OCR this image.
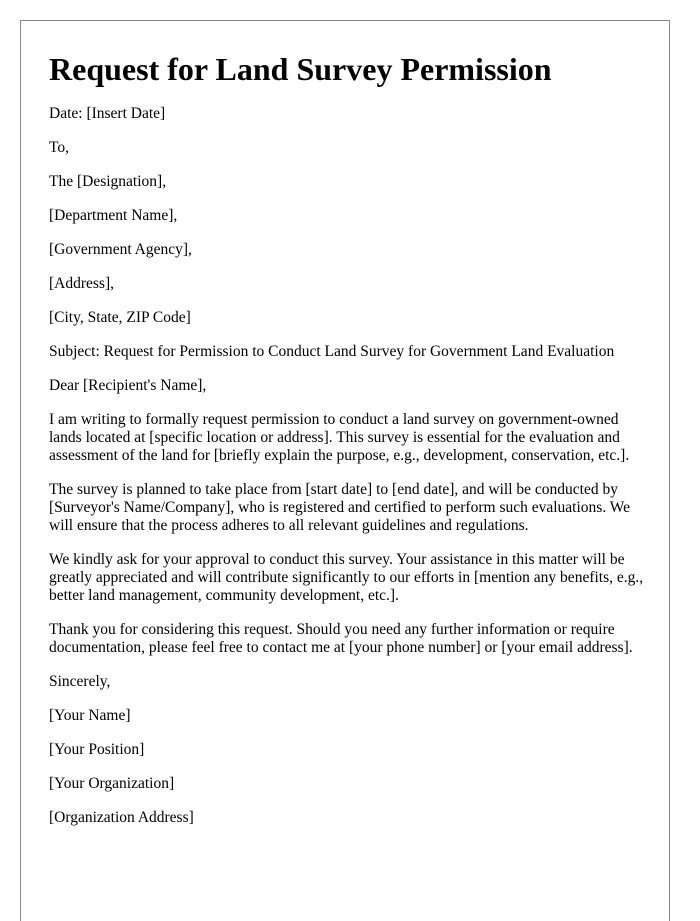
Request for Land Survey Permission

Date: [Insert Date]

To,

The [Designation],

[Department Name],

[Government Agency],

[Address],

[City, State, ZIP Code]

Subject: Request for Permission to Conduct Land Survey for Government Land Evaluation

Dear [Recipient's Name],

I am writing to formally request permission to conduct a land survey on government-owned lands located at [specific location or address]. This survey is essential for the evaluation and assessment of the land for [briefly explain the purpose, e.g., development, conservation, etc.].

The survey is planned to take place from [start date] to [end date], and will be conducted by [Surveyor's Name/Company], who is registered and certified to perform such evaluations. We will ensure that the process adheres to all relevant guidelines and regulations.

We kindly ask for your approval to conduct this survey. Your assistance in this matter will be greatly appreciated and will contribute significantly to our efforts in [mention any benefits, e.g., better land management, community development, etc.].

Thank you for considering this request. Should you need any further information or require documentation, please feel free to contact me at [your phone number] or [your email address].

Sincerely,

[Your Name]

[Your Position]

[Your Organization]

[Organization Address]
